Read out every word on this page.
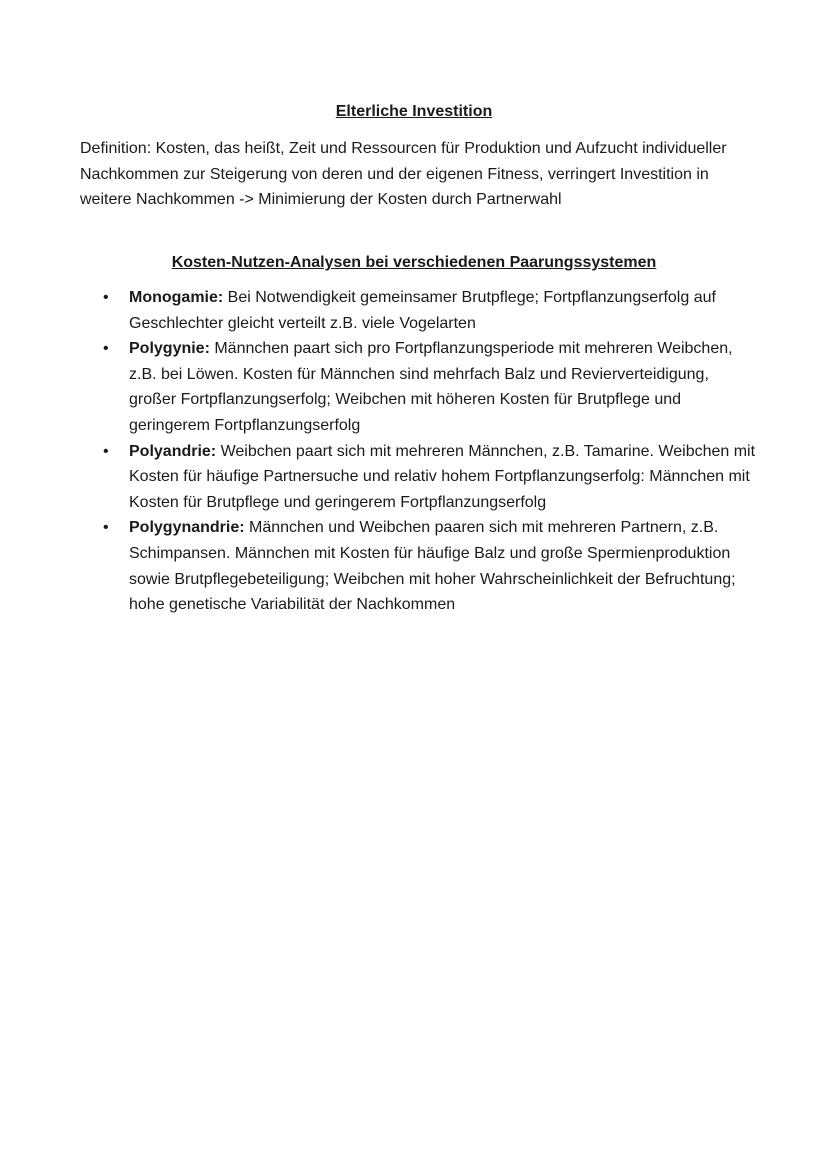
Elterliche Investition

Definition: Kosten, das heißt, Zeit und Ressourcen für Produktion und Aufzucht individueller Nachkommen zur Steigerung von deren und der eigenen Fitness, verringert Investition in weitere Nachkommen -> Minimierung der Kosten durch Partnerwahl

Kosten-Nutzen-Analysen bei verschiedenen Paarungssystemen
• Monogamie: Bei Notwendigkeit gemeinsamer Brutpflege; Fortpflanzungserfolg auf Geschlechter gleicht verteilt z.B. viele Vogelarten
• Polygynie: Männchen paart sich pro Fortpflanzungsperiode mit mehreren Weibchen, z.B. bei Löwen. Kosten für Männchen sind mehrfach Balz und Revierverteidigung, großer Fortpflanzungserfolg; Weibchen mit höheren Kosten für Brutpflege und geringerem Fortpflanzungserfolg
• Polyandrie: Weibchen paart sich mit mehreren Männchen, z.B. Tamarine. Weibchen mit Kosten für häufige Partnersuche und relativ hohem Fortpflanzungserfolg: Männchen mit Kosten für Brutpflege und geringerem Fortpflanzungserfolg
• Polygynandrie: Männchen und Weibchen paaren sich mit mehreren Partnern, z.B. Schimpansen. Männchen mit Kosten für häufige Balz und große Spermienproduktion sowie Brutpflegebeteiligung; Weibchen mit hoher Wahrscheinlichkeit der Befruchtung; hohe genetische Variabilität der Nachkommen
